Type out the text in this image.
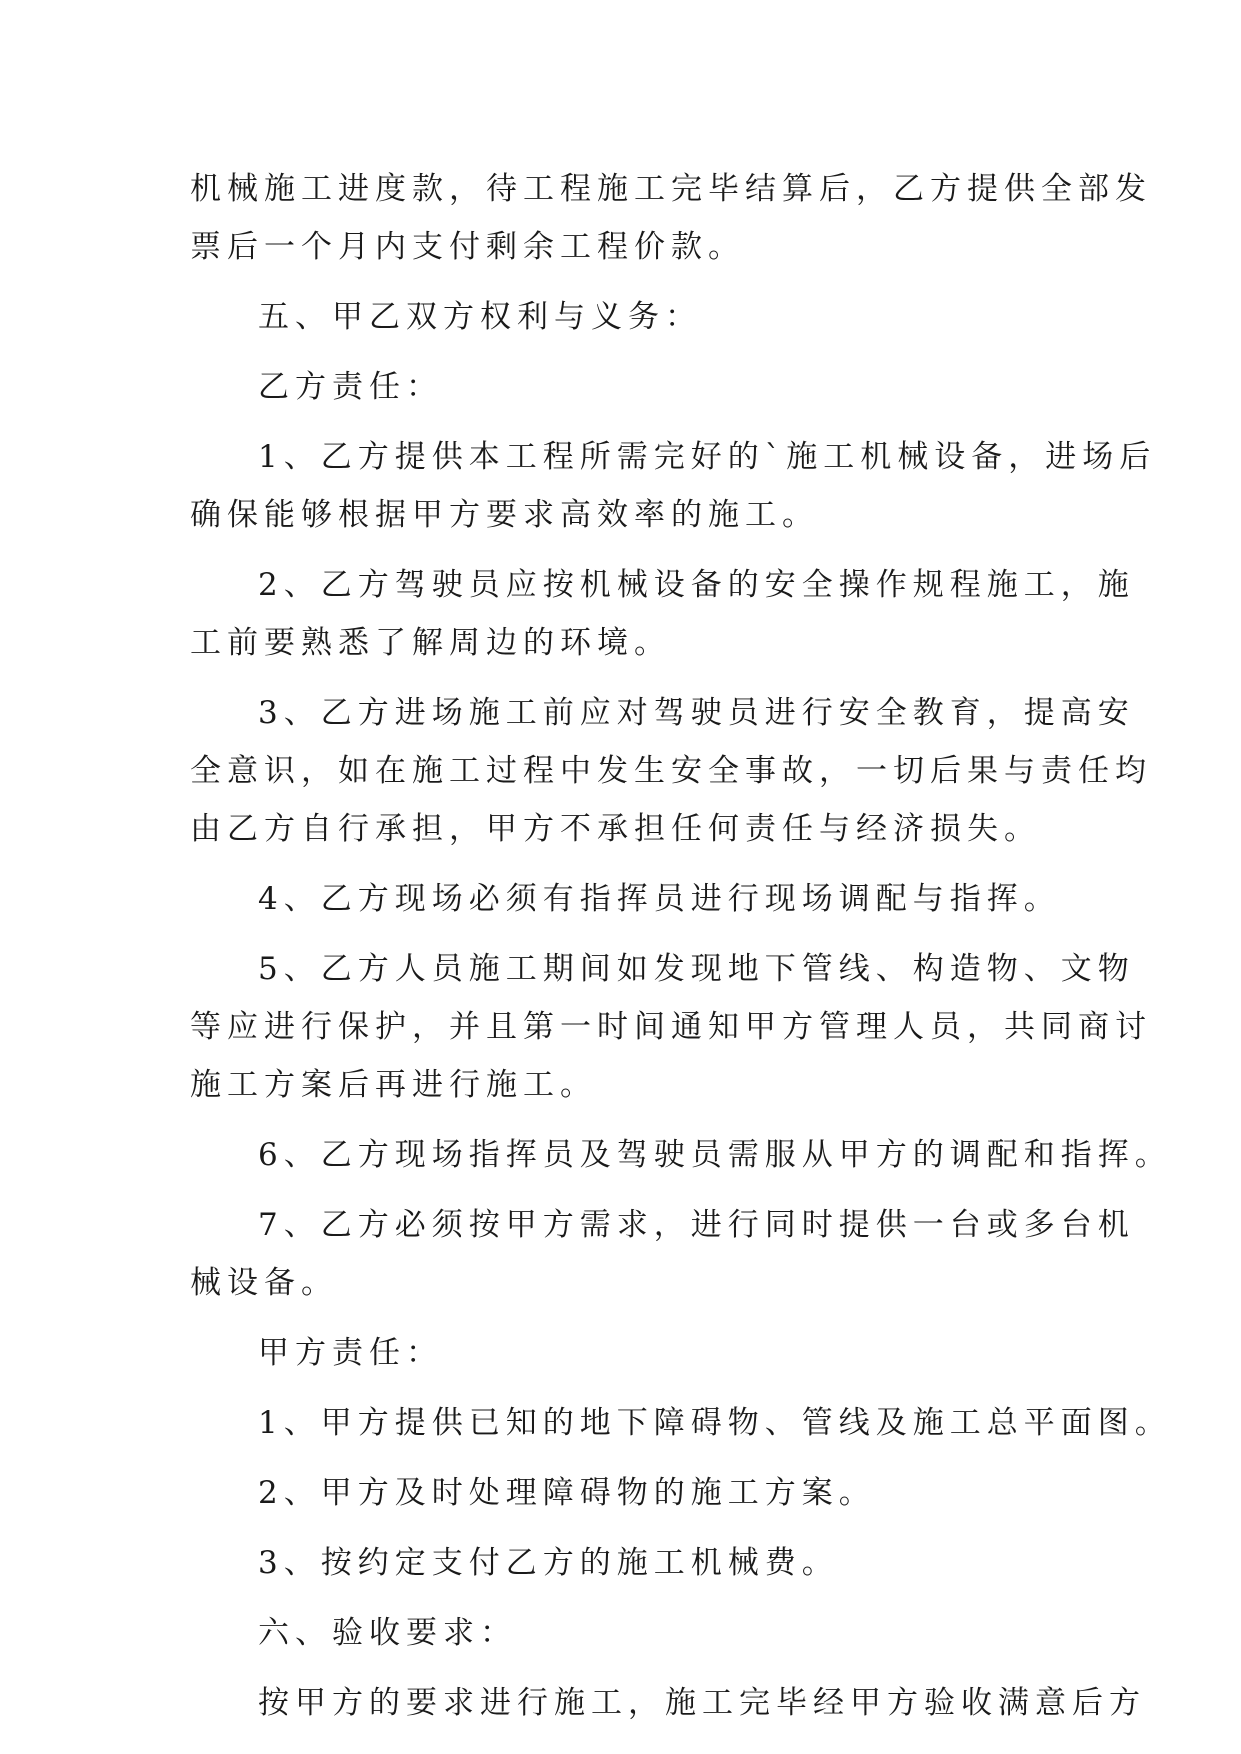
机械施工进度款，待工程施工完毕结算后，乙方提供全部发
票后一个月内支付剩余工程价款。
五、甲乙双方权利与义务：
乙方责任：
1、乙方提供本工程所需完好的`施工机械设备，进场后
确保能够根据甲方要求高效率的施工。
2、乙方驾驶员应按机械设备的安全操作规程施工，施
工前要熟悉了解周边的环境。
3、乙方进场施工前应对驾驶员进行安全教育，提高安
全意识，如在施工过程中发生安全事故，一切后果与责任均
由乙方自行承担，甲方不承担任何责任与经济损失。
4、乙方现场必须有指挥员进行现场调配与指挥。
5、乙方人员施工期间如发现地下管线、构造物、文物
等应进行保护，并且第一时间通知甲方管理人员，共同商讨
施工方案后再进行施工。
6、乙方现场指挥员及驾驶员需服从甲方的调配和指挥。
7、乙方必须按甲方需求，进行同时提供一台或多台机
械设备。
甲方责任：
1、甲方提供已知的地下障碍物、管线及施工总平面图。
2、甲方及时处理障碍物的施工方案。
3、按约定支付乙方的施工机械费。
六、验收要求：
按甲方的要求进行施工，施工完毕经甲方验收满意后方
